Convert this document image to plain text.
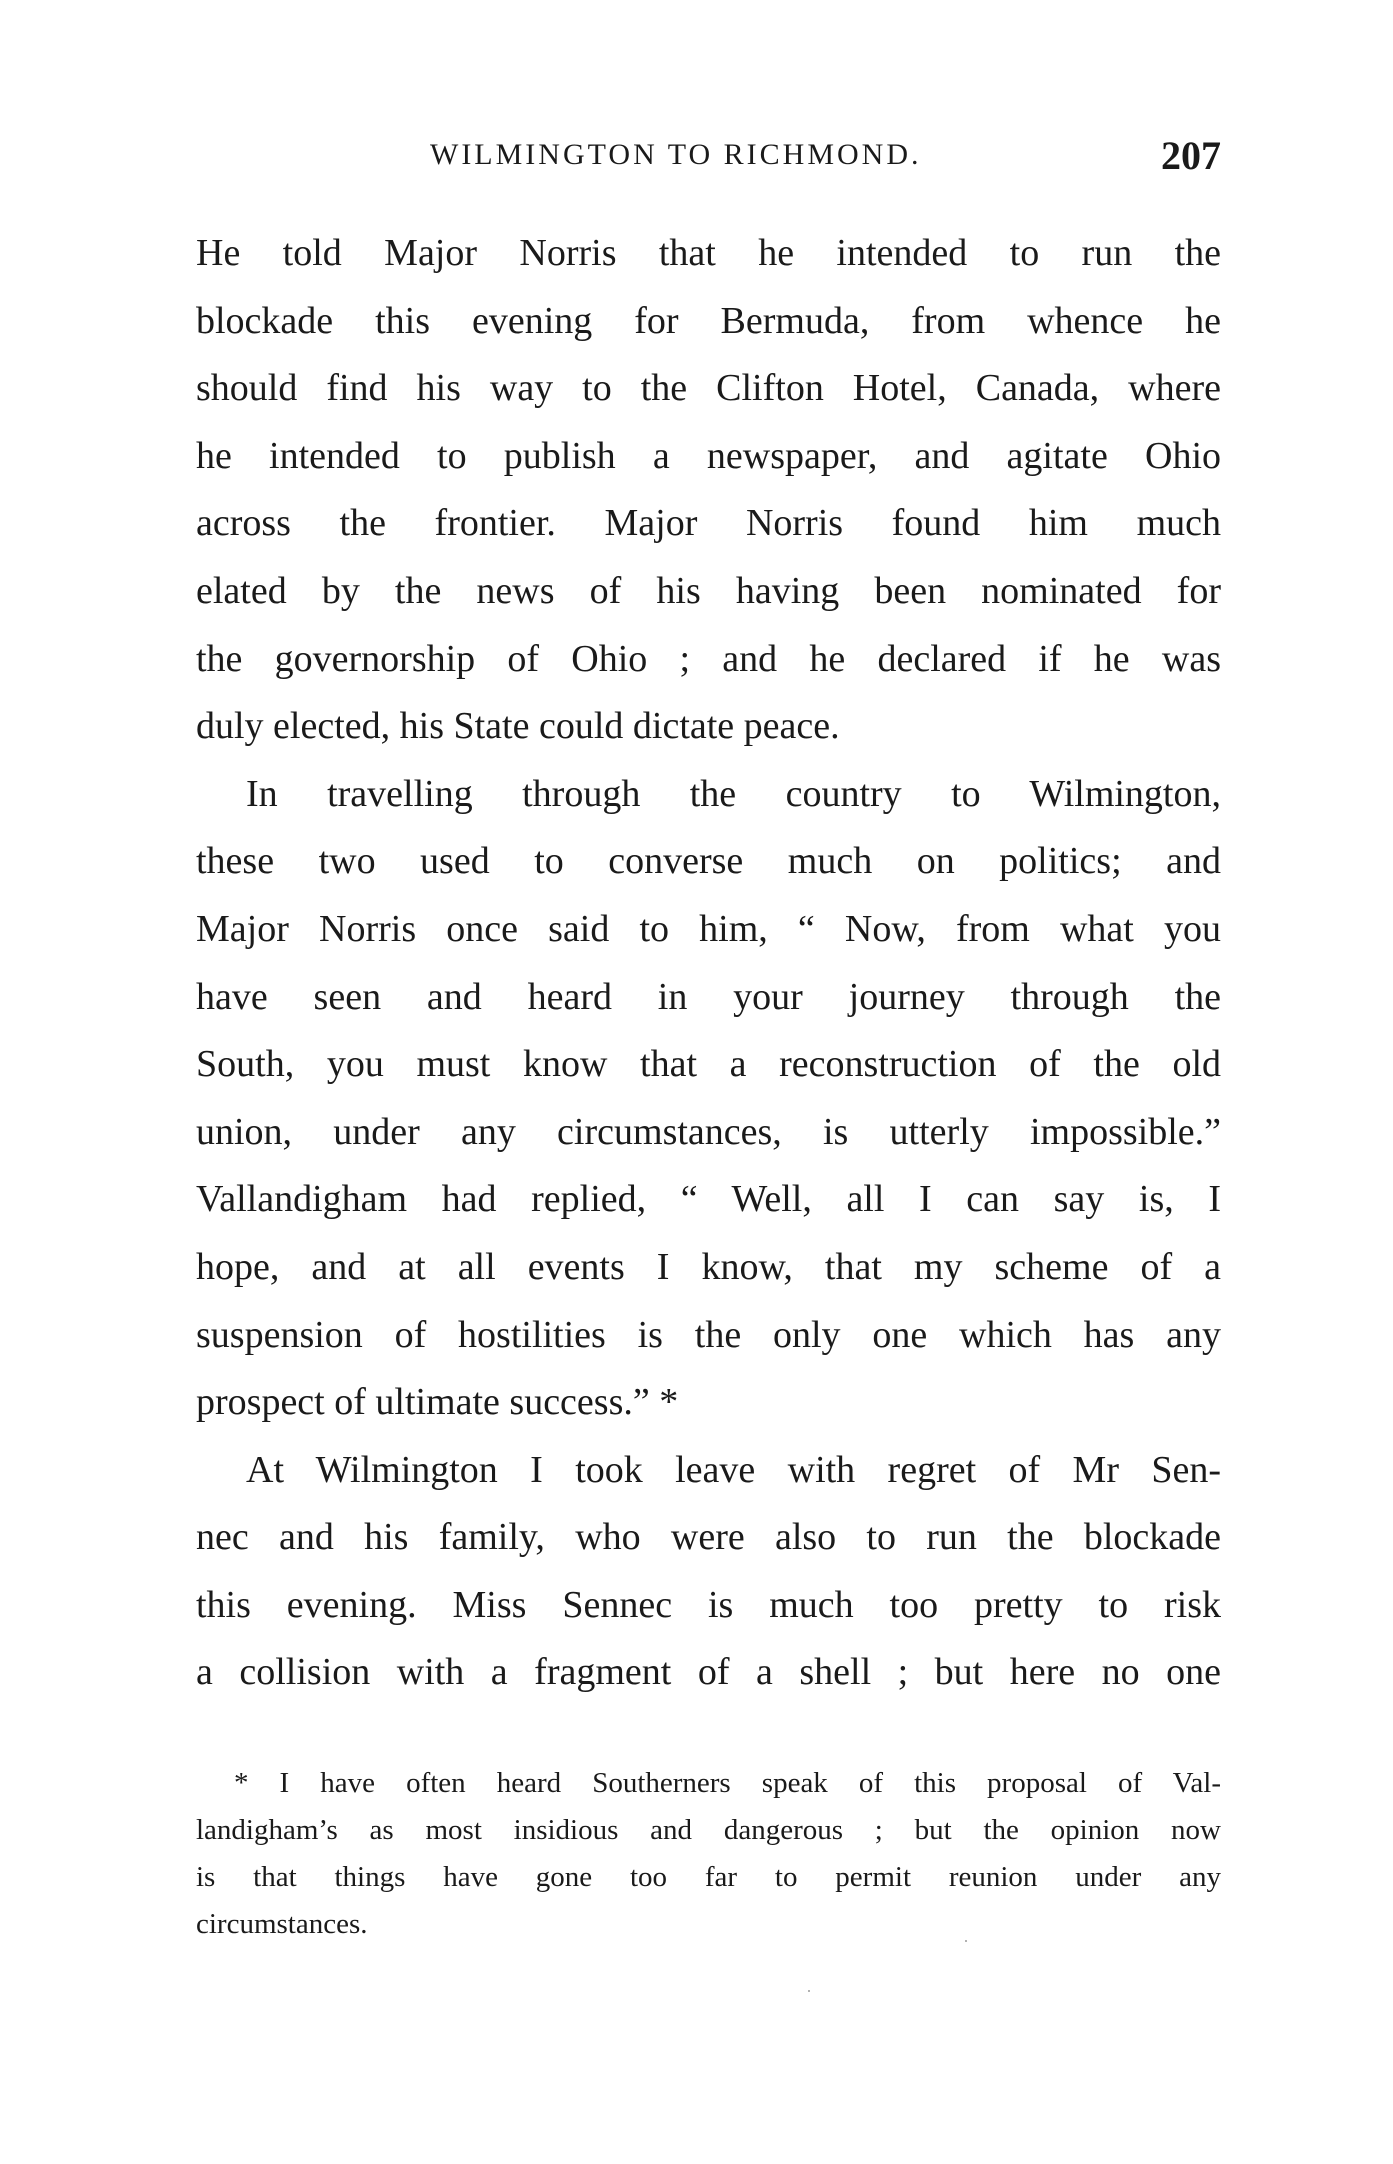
WILMINGTON TO RICHMOND.	207
He told Major Norris that he intended to run the
blockade this evening for Bermuda, from whence he
should find his way to the Clifton Hotel, Canada, where
he intended to publish a newspaper, and agitate Ohio
across the frontier. Major Norris found him much
elated by the news of his having been nominated for
the governorship of Ohio ; and he declared if he was
duly elected, his State could dictate peace.
In travelling through the country to Wilmington,
these two used to converse much on politics; and
Major Norris once said to him, “ Now, from what you
have seen and heard in your journey through the
South, you must know that a reconstruction of the old
union, under any circumstances, is utterly impossible.”
Vallandigham had replied, “ Well, all I can say is, I
hope, and at all events I know, that my scheme of a
suspension of hostilities is the only one which has any
prospect of ultimate success.” *
At Wilmington I took leave with regret of Mr Sen-
nec and his family, who were also to run the blockade
this evening. Miss Sennec is much too pretty to risk
a collision with a fragment of a shell ; but here no one
* I have often heard Southerners speak of this proposal of Val-
landigham’s as most insidious and dangerous ; but the opinion now
is that things have gone too far to permit reunion under any
circumstances.
